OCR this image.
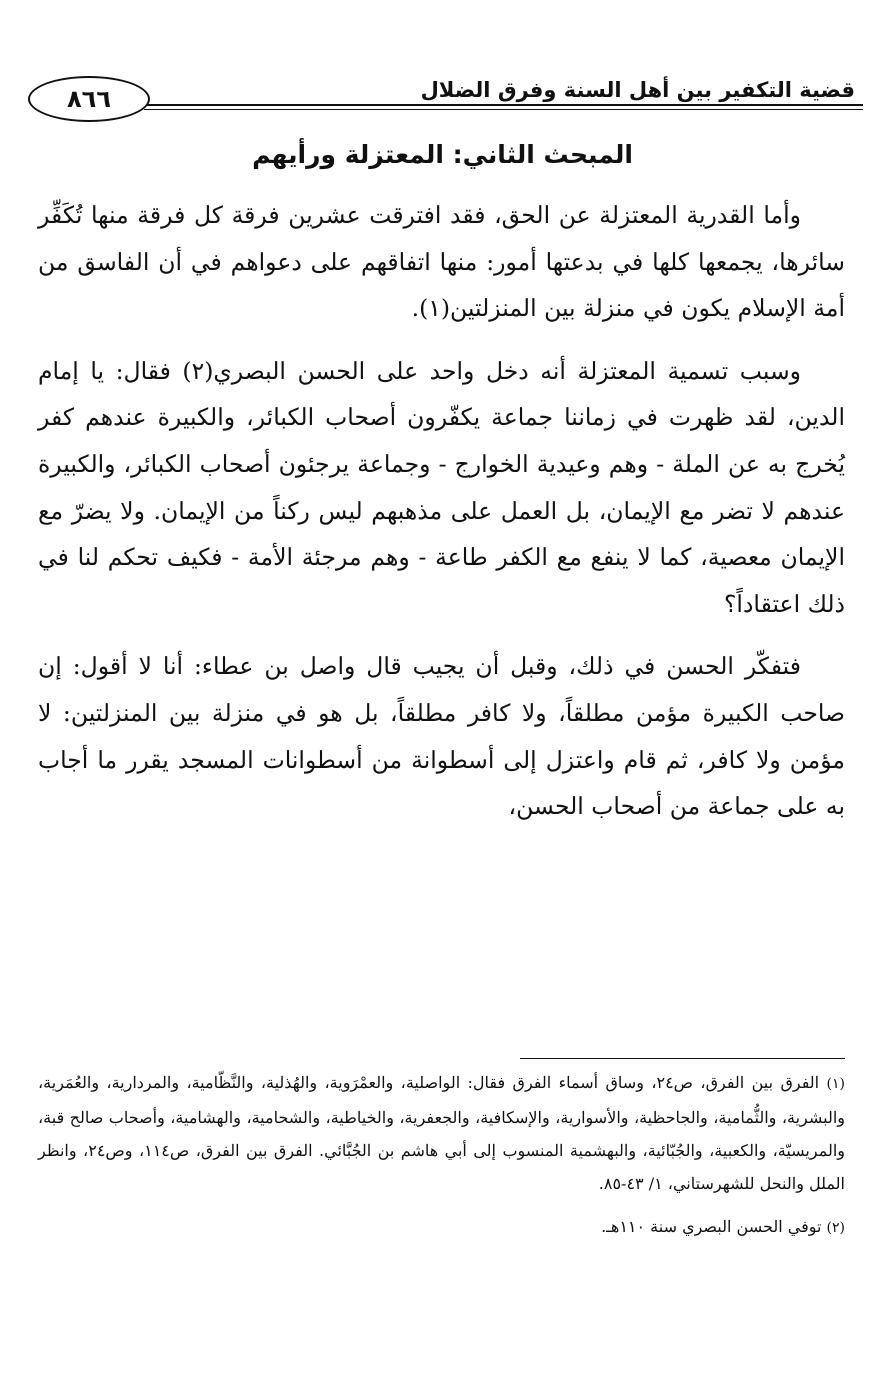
قضية التكفير بين أهل السنة وفرق الضلال
٨٦٦
المبحث الثاني: المعتزلة ورأيهم

وأما القدرية المعتزلة عن الحق، فقد افترقت عشرين فرقة كل فرقة منها تُكَفِّر سائرها، يجمعها كلها في بدعتها أمور: منها اتفاقهم على دعواهم في أن الفاسق من أمة الإسلام يكون في منزلة بين المنزلتين(١).

وسبب تسمية المعتزلة أنه دخل واحد على الحسن البصري(٢) فقال: يا إمام الدين، لقد ظهرت في زماننا جماعة يكفّرون أصحاب الكبائر، والكبيرة عندهم كفر يُخرج به عن الملة - وهم وعيدية الخوارج - وجماعة يرجئون أصحاب الكبائر، والكبيرة عندهم لا تضر مع الإيمان، بل العمل على مذهبهم ليس ركناً من الإيمان. ولا يضرّ مع الإيمان معصية، كما لا ينفع مع الكفر طاعة - وهم مرجئة الأمة - فكيف تحكم لنا في ذلك اعتقاداً؟

فتفكّر الحسن في ذلك، وقبل أن يجيب قال واصل بن عطاء: أنا لا أقول: إن صاحب الكبيرة مؤمن مطلقاً، ولا كافر مطلقاً، بل هو في منزلة بين المنزلتين: لا مؤمن ولا كافر، ثم قام واعتزل إلى أسطوانة من أسطوانات المسجد يقرر ما أجاب به على جماعة من أصحاب الحسن،

(١) الفرق بين الفرق، ص٢٤، وساق أسماء الفرق فقال: الواصلية، والعمْرَوية، والهُذلية، والنَّظّامية، والمردارية، والعُمَرية، والبشرية، والثُّمامية، والجاحظية، والأسوارية، والإسكافية، والجعفرية، والخياطية، والشحامية، والهشامية، وأصحاب صالح قبة، والمريسيّة، والكعبية، والجُبّائية، والبهشمية المنسوب إلى أبي هاشم بن الجُبَّائي. الفرق بين الفرق، ص١١٤، وص٢٤، وانظر الملل والنحل للشهرستاني، ١/ ٤٣-٨٥.

(٢) توفي الحسن البصري سنة ١١٠هـ.
